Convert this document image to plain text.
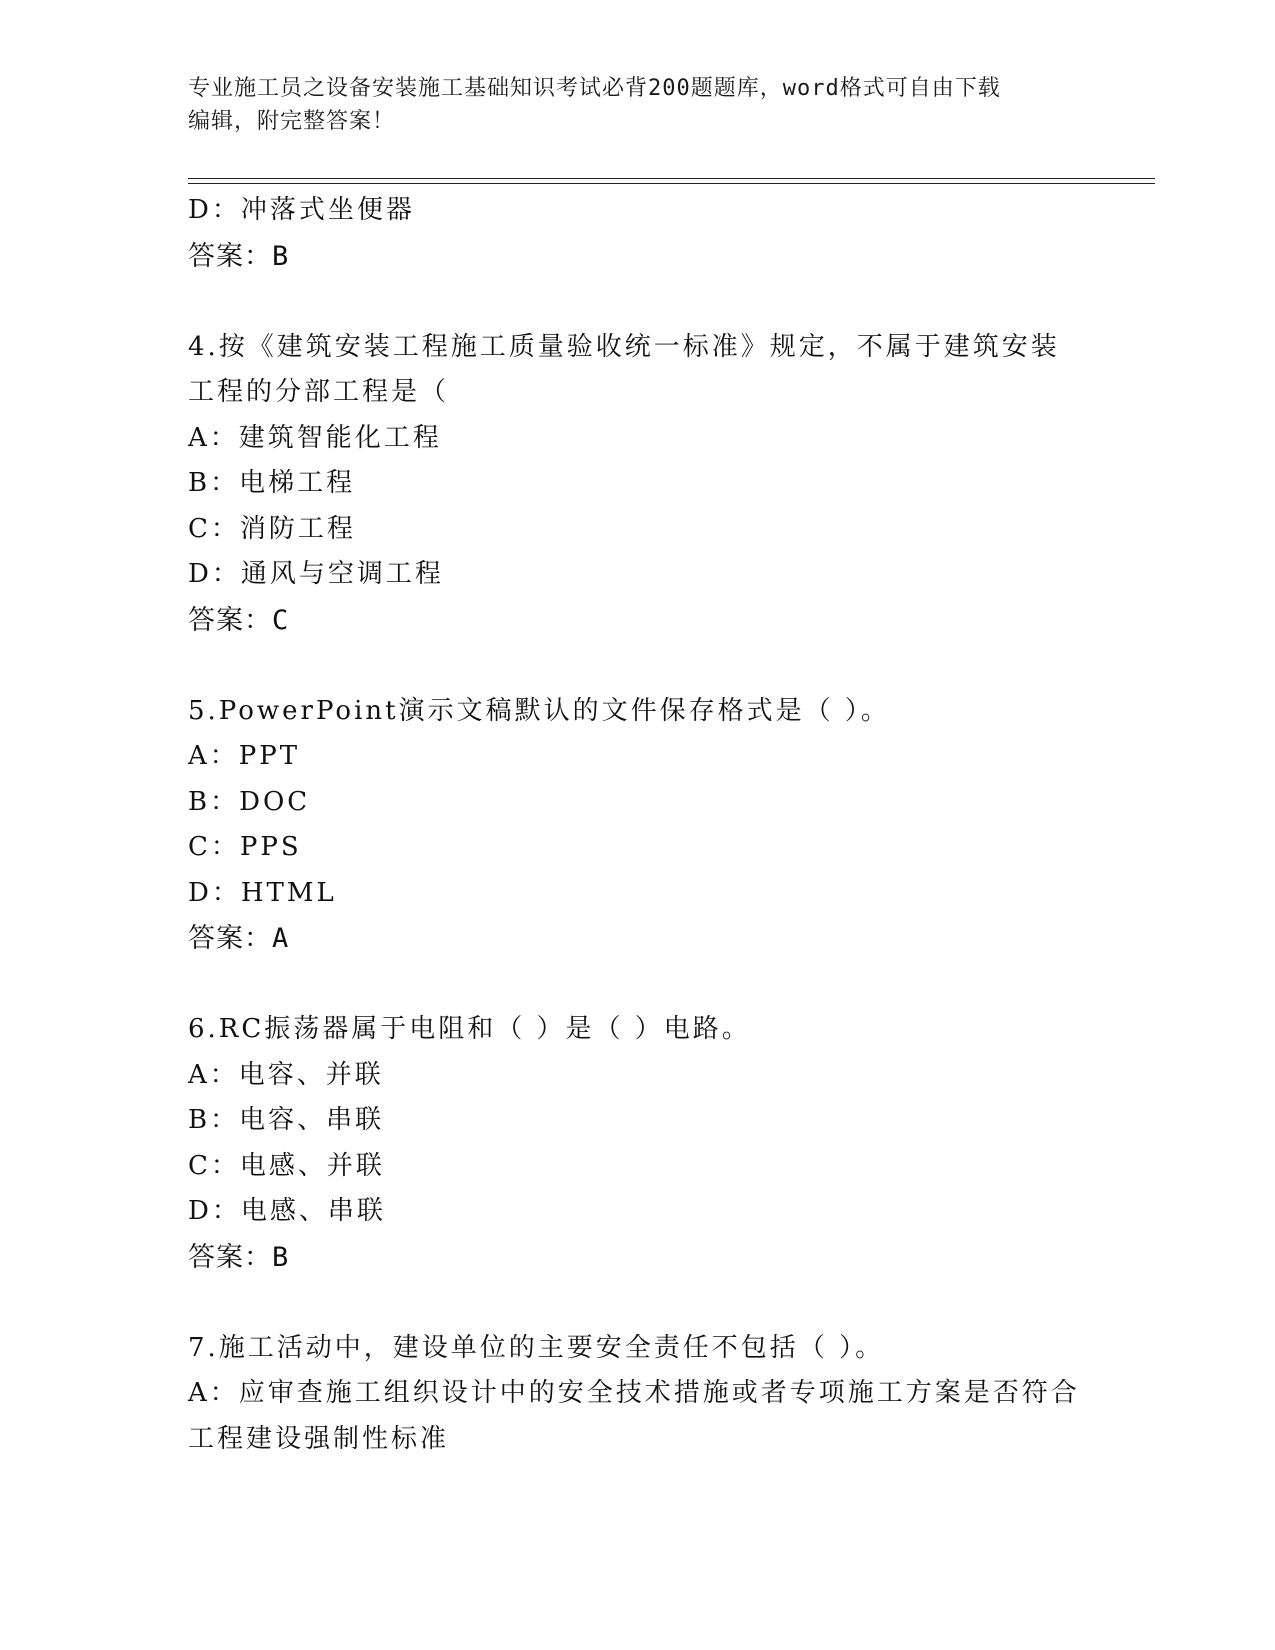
专业施工员之设备安装施工基础知识考试必背200题题库，word格式可自由下载
编辑，附完整答案！
D：冲落式坐便器
答案：B
4.按《建筑安装工程施工质量验收统一标准》规定，不属于建筑安装
工程的分部工程是（
A：建筑智能化工程
B：电梯工程
C：消防工程
D：通风与空调工程
答案：C
5.PowerPoint演示文稿默认的文件保存格式是（ ）。
A：PPT
B：DOC
C：PPS
D：HTML
答案：A
6.RC振荡器属于电阻和（ ）是（ ）电路。
A：电容、并联
B：电容、串联
C：电感、并联
D：电感、串联
答案：B
7.施工活动中，建设单位的主要安全责任不包括（ ）。
A：应审查施工组织设计中的安全技术措施或者专项施工方案是否符合
工程建设强制性标准
